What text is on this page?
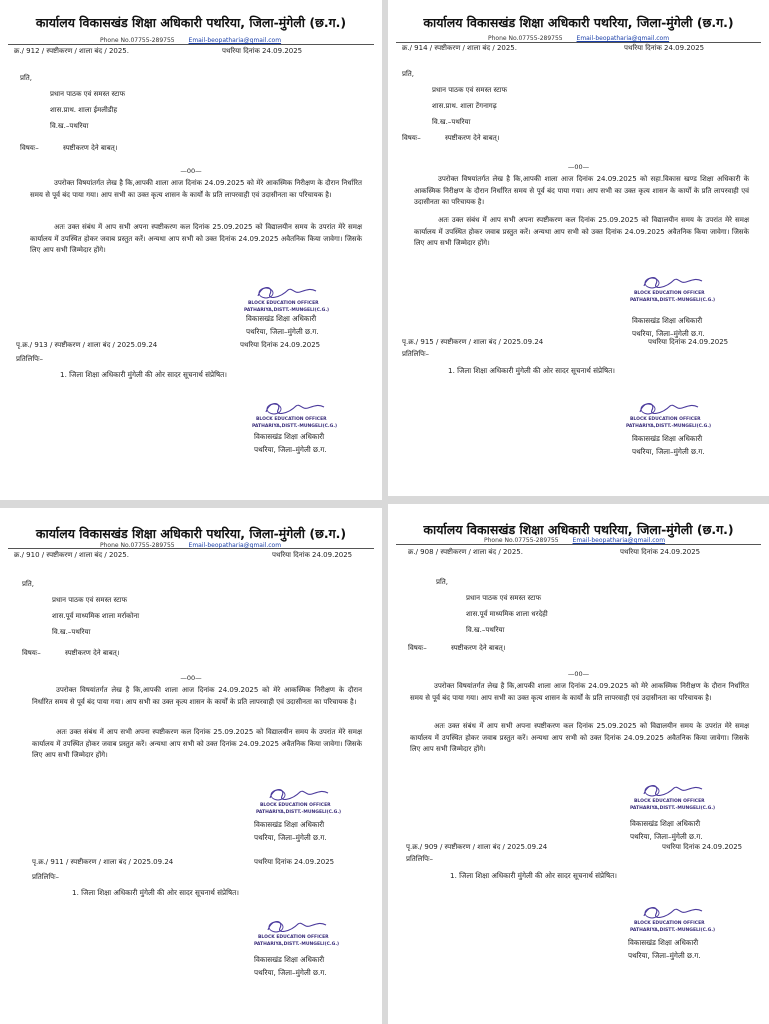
कार्यालय विकासखंड शिक्षा अधिकारी पथरिया, जिला-मुंगेली (छ.ग.)
Phone No.07755-289755 Email-beopatharia@gmail.com
क्र./ 912 / स्पष्टीकरण / शाला बंद / 2025.	पथरिया दिनांक 24.09.2025
प्रति,
प्रधान पाठक एवं समस्त स्टाफ
शास.प्राथ. शाला ईमलीडीह
वि.ख.–पथरिया
विषयः–	स्पष्टीकरण देने बाबत्।
—00—
उपरोक्त विषयांतर्गत लेख है कि,आपकी शाला आज दिनांक 24.09.2025 को मेरे आकस्मिक निरीक्षण के दौरान निर्धारित समय से पूर्व बंद पाया गया। आप सभी का उक्त कृत्य शासन के कार्यों के प्रति लापरवाही एवं उदासीनता का परिचायक है।
अतः उक्त संबंध में आप सभी अपना स्पष्टीकरण कल दिनांक 25.09.2025 को विद्यालयीन समय के उपरांत मेरे समक्ष कार्यालय में उपस्थित होकर जवाब प्रस्तुत करें। अन्यथा आप सभी को उक्त दिनांक 24.09.2025 अवैतनिक किया जावेगा। जिसके लिए आप सभी जिम्मेदार होंगे।
BLOCK EDUCATION OFFICER
PATHARIYA,DISTT.-MUNGELI(C.G.)
विकासखंड शिक्षा अधिकारी
पथरिया, जिला–मुंगेली छ.ग.
पृ.क्र./ 913 / स्पष्टीकरण / शाला बंद / 2025.09.24	पथरिया दिनांक 24.09.2025
प्रतिलिपिः–
1. जिला शिक्षा अधिकारी मुंगेली की ओर सादर सूचनार्थ संप्रेषित।
BLOCK EDUCATION OFFICER
PATHARIYA,DISTT.-MUNGELI(C.G.)
विकासखंड शिक्षा अधिकारी
पथरिया, जिला–मुंगेली छ.ग.
कार्यालय विकासखंड शिक्षा अधिकारी पथरिया, जिला-मुंगेली (छ.ग.)
Phone No.07755-289755 Email-beopatharia@gmail.com
क्र./ 914 / स्पष्टीकरण / शाला बंद / 2025.	पथरिया दिनांक 24.09.2025
प्रति,
प्रधान पाठक एवं समस्त स्टाफ
शास.प्राथ. शाला टेंगनागढ़
वि.ख.–पथरिया
विषयः–	स्पष्टीकरण देने बाबत्।
—00—
उपरोक्त विषयांतर्गत लेख है कि,आपकी शाला आज दिनांक 24.09.2025 को सहा.विकास खण्ड शिक्षा अधिकारी के आकस्मिक निरीक्षण के दौरान निर्धारित समय से पूर्व बंद पाया गया। आप सभी का उक्त कृत्य शासन के कार्यों के प्रति लापरवाही एवं उदासीनता का परिचायक है।
अतः उक्त संबंध में आप सभी अपना स्पष्टीकरण कल दिनांक 25.09.2025 को विद्यालयीन समय के उपरांत मेरे समक्ष कार्यालय में उपस्थित होकर जवाब प्रस्तुत करें। अन्यथा आप सभी को उक्त दिनांक 24.09.2025 अवैतनिक किया जावेगा। जिसके लिए आप सभी जिम्मेदार होंगे।
BLOCK EDUCATION OFFICER
PATHARIYA,DISTT.-MUNGELI(C.G.)
विकासखंड शिक्षा अधिकारी
पथरिया, जिला–मुंगेली छ.ग.
पृ.क्र./ 915 / स्पष्टीकरण / शाला बंद / 2025.09.24	पथरिया दिनांक 24.09.2025
प्रतिलिपिः–
1. जिला शिक्षा अधिकारी मुंगेली की ओर सादर सूचनार्थ संप्रेषित।
BLOCK EDUCATION OFFICER
PATHARIYA,DISTT.-MUNGELI(C.G.)
विकासखंड शिक्षा अधिकारी
पथरिया, जिला–मुंगेली छ.ग.
कार्यालय विकासखंड शिक्षा अधिकारी पथरिया, जिला-मुंगेली (छ.ग.)
Phone No.07755-289755 Email-beopatharia@gmail.com
क्र./ 910 / स्पष्टीकरण / शाला बंद / 2025.	पथरिया दिनांक 24.09.2025
प्रति,
प्रधान पाठक एवं समस्त स्टाफ
शास.पूर्व माध्यमिक शाला मर्राकोना
वि.ख.–पथरिया
विषयः–	स्पष्टीकरण देने बाबत्।
—00—
उपरोक्त विषयांतर्गत लेख है कि,आपकी शाला आज दिनांक 24.09.2025 को मेरे आकस्मिक निरीक्षण के दौरान निर्धारित समय से पूर्व बंद पाया गया। आप सभी का उक्त कृत्य शासन के कार्यों के प्रति लापरवाही एवं उदासीनता का परिचायक है।
अतः उक्त संबंध में आप सभी अपना स्पष्टीकरण कल दिनांक 25.09.2025 को विद्यालयीन समय के उपरांत मेरे समक्ष कार्यालय में उपस्थित होकर जवाब प्रस्तुत करें। अन्यथा आप सभी को उक्त दिनांक 24.09.2025 अवैतनिक किया जावेगा। जिसके लिए आप सभी जिम्मेदार होंगे।
BLOCK EDUCATION OFFICER
PATHARIYA,DISTT.-MUNGELI(C.G.)
विकासखंड शिक्षा अधिकारी
पथरिया, जिला–मुंगेली छ.ग.
पृ.क्र./ 911 / स्पष्टीकरण / शाला बंद / 2025.09.24	पथरिया दिनांक 24.09.2025
प्रतिलिपिः–
1. जिला शिक्षा अधिकारी मुंगेली की ओर सादर सूचनार्थ संप्रेषित।
BLOCK EDUCATION OFFICER
PATHARIYA,DISTT.-MUNGELI(C.G.)
विकासखंड शिक्षा अधिकारी
पथरिया, जिला–मुंगेली छ.ग.
कार्यालय विकासखंड शिक्षा अधिकारी पथरिया, जिला-मुंगेली (छ.ग.)
Phone No.07755-289755 Email-beopatharia@gmail.com
क्र./ 908 / स्पष्टीकरण / शाला बंद / 2025.	पथरिया दिनांक 24.09.2025
प्रति,
प्रधान पाठक एवं समस्त स्टाफ
शास.पूर्व माध्यमिक शाला धरदेही
वि.ख.–पथरिया
विषयः–	स्पष्टीकरण देने बाबत्।
—00—
उपरोक्त विषयांतर्गत लेख है कि,आपकी शाला आज दिनांक 24.09.2025 को मेरे आकस्मिक निरीक्षण के दौरान निर्धारित समय से पूर्व बंद पाया गया। आप सभी का उक्त कृत्य शासन के कार्यों के प्रति लापरवाही एवं उदासीनता का परिचायक है।
अतः उक्त संबंध में आप सभी अपना स्पष्टीकरण कल दिनांक 25.09.2025 को विद्यालयीन समय के उपरांत मेरे समक्ष कार्यालय में उपस्थित होकर जवाब प्रस्तुत करें। अन्यथा आप सभी को उक्त दिनांक 24.09.2025 अवैतनिक किया जावेगा। जिसके लिए आप सभी जिम्मेदार होंगे।
BLOCK EDUCATION OFFICER
PATHARIYA,DISTT.-MUNGELI(C.G.)
विकासखंड शिक्षा अधिकारी
पथरिया, जिला–मुंगेली छ.ग.
पृ.क्र./ 909 / स्पष्टीकरण / शाला बंद / 2025.09.24	पथरिया दिनांक 24.09.2025
प्रतिलिपिः–
1. जिला शिक्षा अधिकारी मुंगेली की ओर सादर सूचनार्थ संप्रेषित।
BLOCK EDUCATION OFFICER
PATHARIYA,DISTT.-MUNGELI(C.G.)
विकासखंड शिक्षा अधिकारी
पथरिया, जिला–मुंगेली छ.ग.
